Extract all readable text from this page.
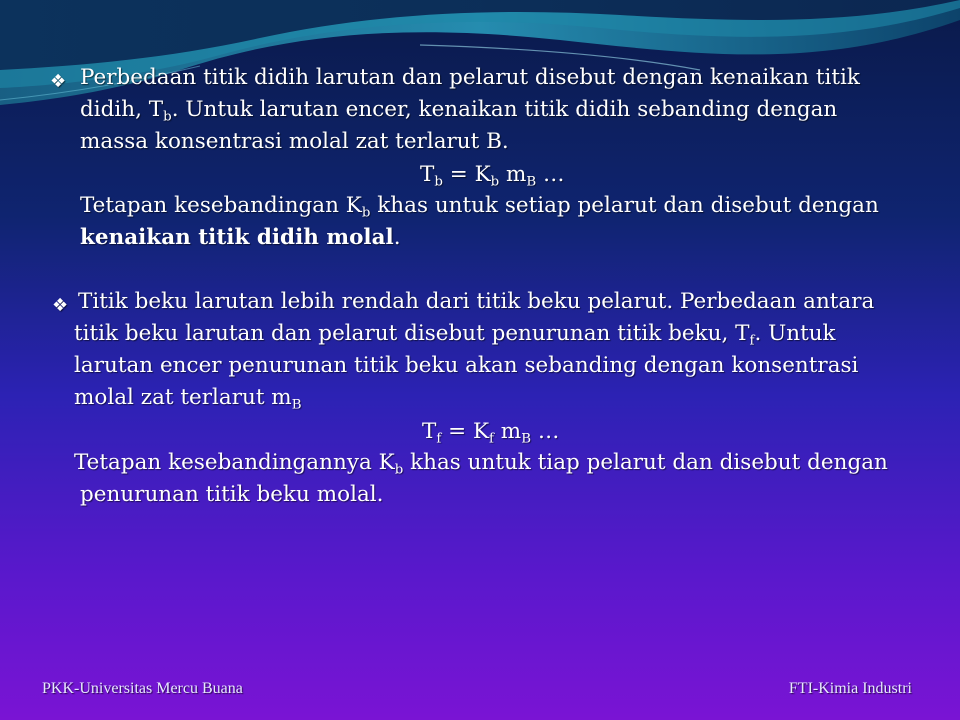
❖ Perbedaan titik didih larutan dan pelarut disebut dengan kenaikan titik
didih, $T_b$. Untuk larutan encer, kenaikan titik didih sebanding dengan
massa konsentrasi molal zat terlarut B.
$T_b = K_b$ $m_B$ …
Tetapan kesebandingan $K_b$ khas untuk setiap pelarut dan disebut dengan
kenaikan titik didih molal.
❖ Titik beku larutan lebih rendah dari titik beku pelarut. Perbedaan antara
titik beku larutan dan pelarut disebut penurunan titik beku, $T_f$. Untuk
larutan encer penurunan titik beku akan sebanding dengan konsentrasi
molal zat terlarut $m_B$
$T_f = K_f$ $m_B$ …
Tetapan kesebandingannya $K_b$ khas untuk tiap pelarut dan disebut dengan
penurunan titik beku molal.
PKK-Universitas Mercu Buana	FTI-Kimia Industri
